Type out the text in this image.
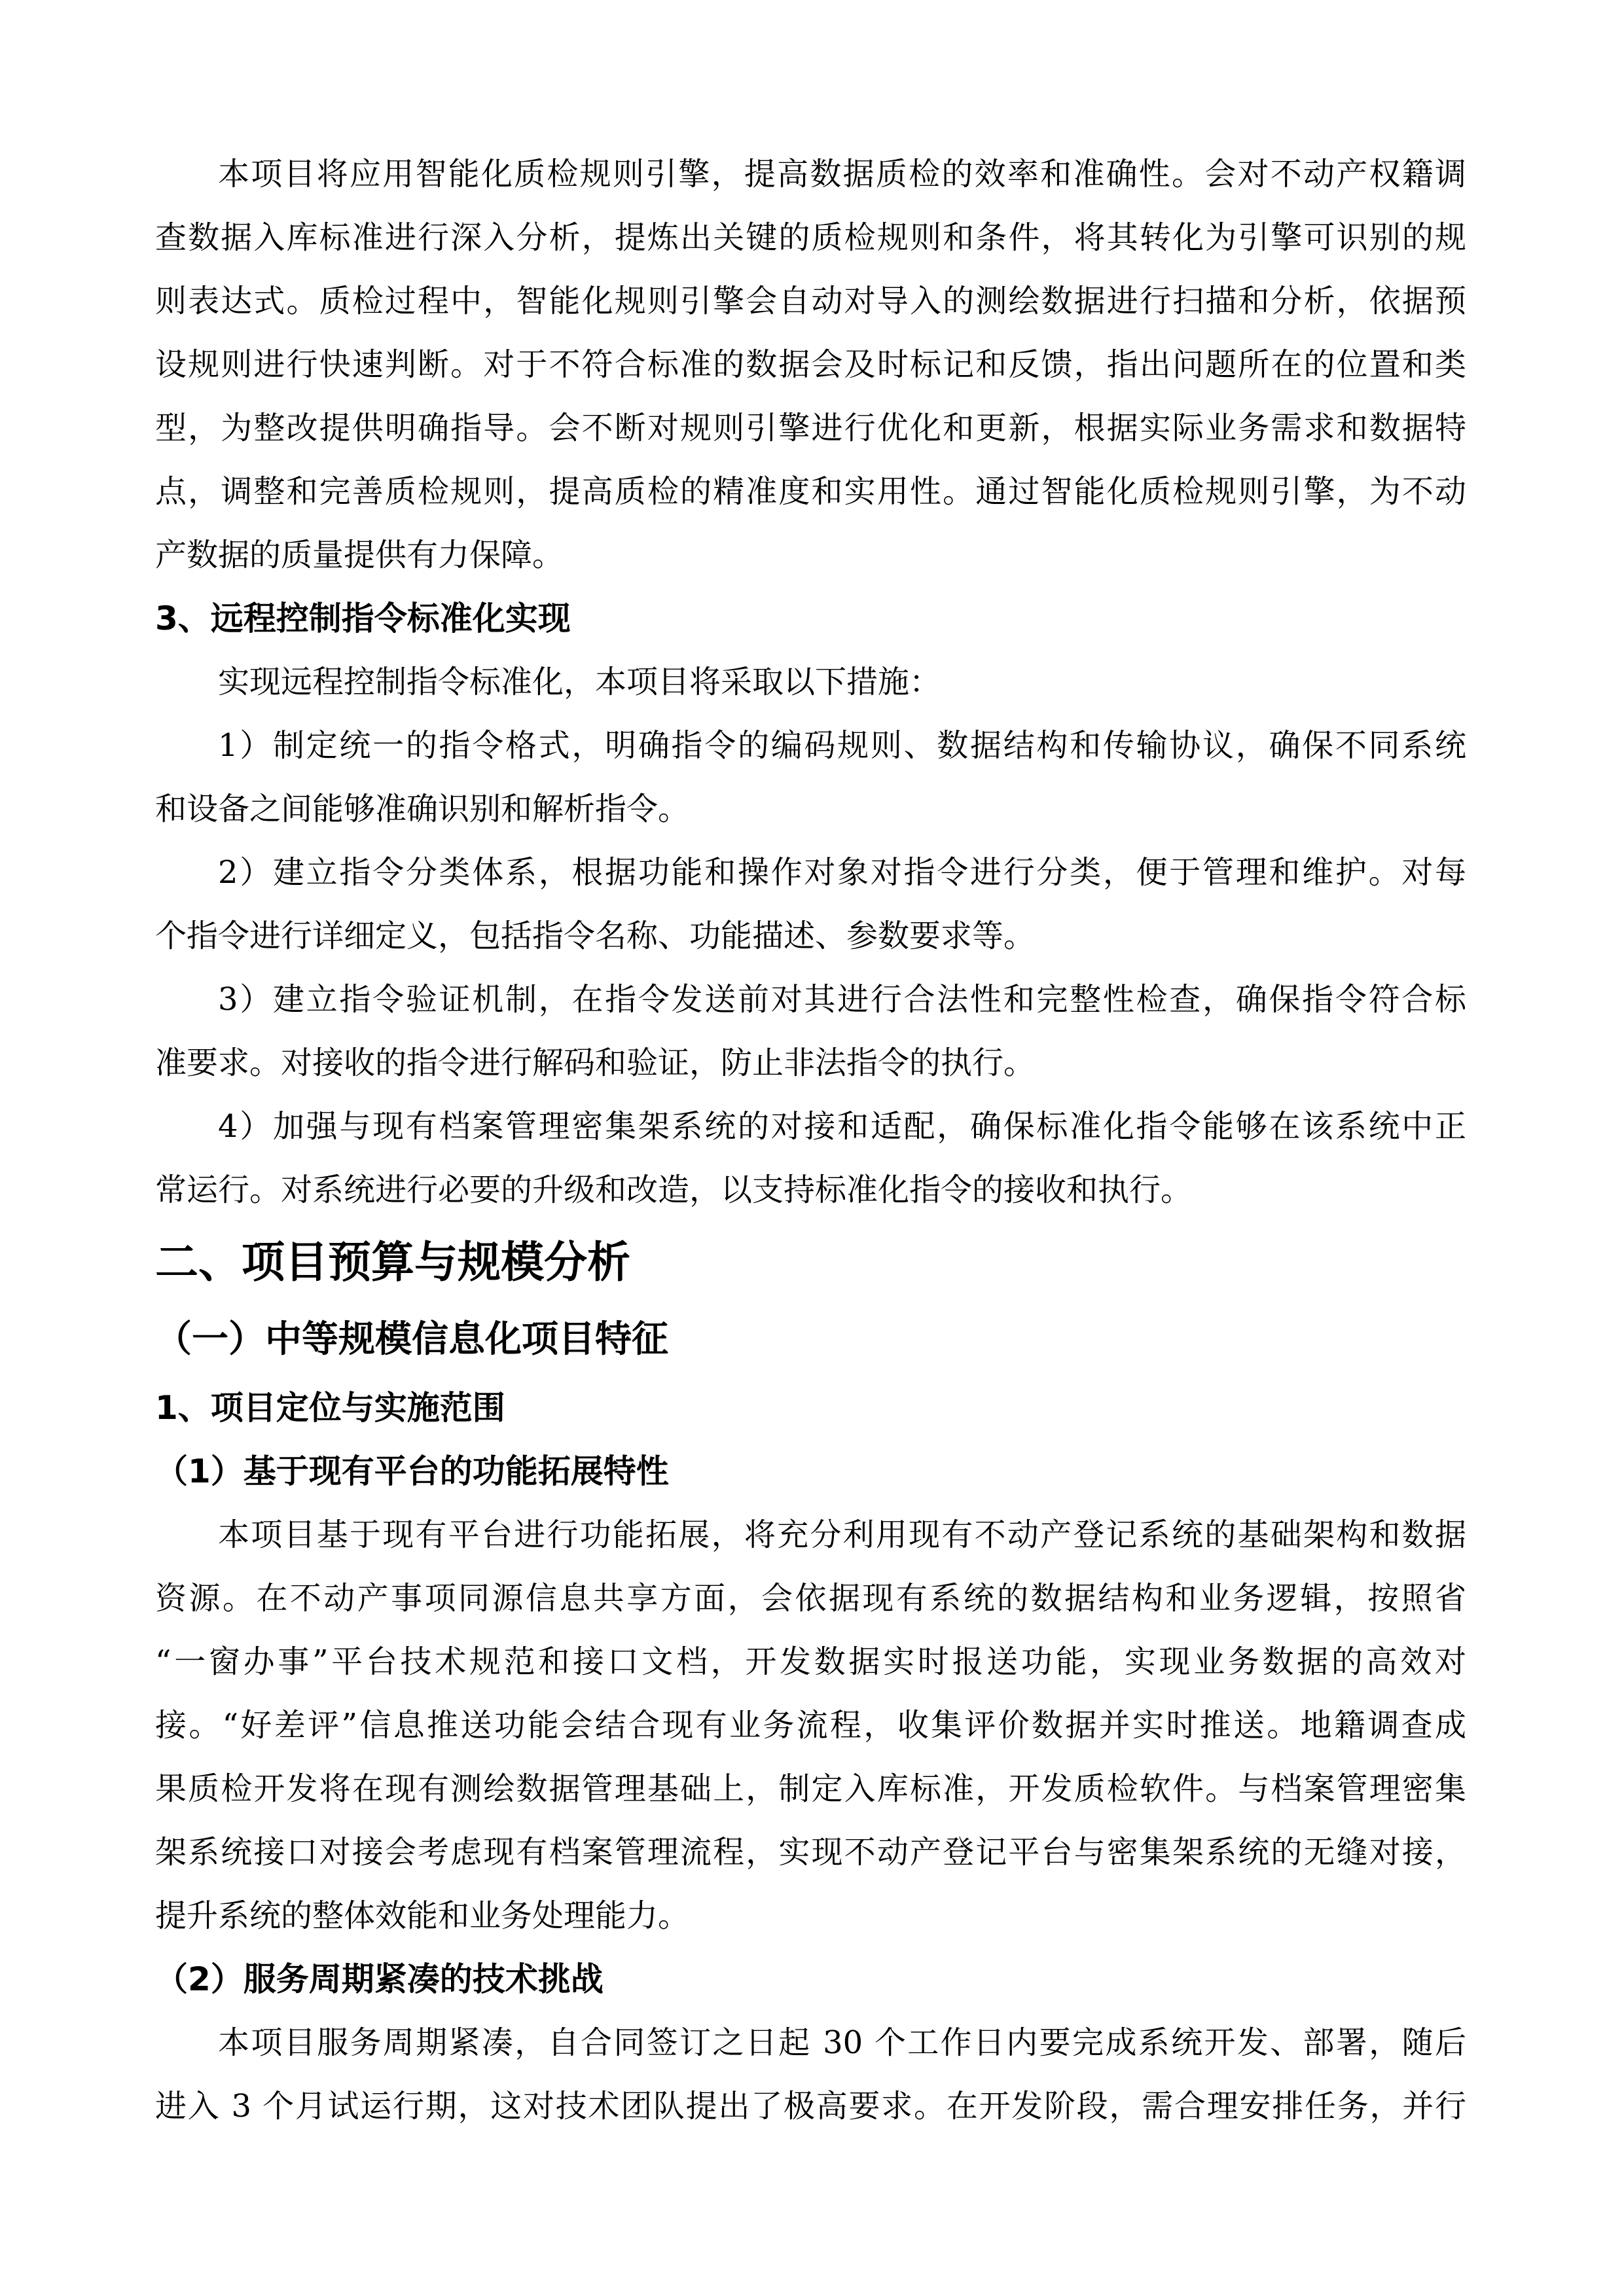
本项目将应用智能化质检规则引擎，提高数据质检的效率和准确性。会对不动产权籍调
查数据入库标准进行深入分析，提炼出关键的质检规则和条件，将其转化为引擎可识别的规
则表达式。质检过程中，智能化规则引擎会自动对导入的测绘数据进行扫描和分析，依据预
设规则进行快速判断。对于不符合标准的数据会及时标记和反馈，指出问题所在的位置和类
型，为整改提供明确指导。会不断对规则引擎进行优化和更新，根据实际业务需求和数据特
点，调整和完善质检规则，提高质检的精准度和实用性。通过智能化质检规则引擎，为不动
产数据的质量提供有力保障。
3、远程控制指令标准化实现
实现远程控制指令标准化，本项目将采取以下措施：
1）制定统一的指令格式，明确指令的编码规则、数据结构和传输协议，确保不同系统
和设备之间能够准确识别和解析指令。
2）建立指令分类体系，根据功能和操作对象对指令进行分类，便于管理和维护。对每
个指令进行详细定义，包括指令名称、功能描述、参数要求等。
3）建立指令验证机制，在指令发送前对其进行合法性和完整性检查，确保指令符合标
准要求。对接收的指令进行解码和验证，防止非法指令的执行。
4）加强与现有档案管理密集架系统的对接和适配，确保标准化指令能够在该系统中正
常运行。对系统进行必要的升级和改造，以支持标准化指令的接收和执行。
二、项目预算与规模分析
（一）中等规模信息化项目特征
1、项目定位与实施范围
（1）基于现有平台的功能拓展特性
本项目基于现有平台进行功能拓展，将充分利用现有不动产登记系统的基础架构和数据
资源。在不动产事项同源信息共享方面，会依据现有系统的数据结构和业务逻辑，按照省
“一窗办事”平台技术规范和接口文档，开发数据实时报送功能，实现业务数据的高效对
接。“好差评”信息推送功能会结合现有业务流程，收集评价数据并实时推送。地籍调查成
果质检开发将在现有测绘数据管理基础上，制定入库标准，开发质检软件。与档案管理密集
架系统接口对接会考虑现有档案管理流程，实现不动产登记平台与密集架系统的无缝对接，
提升系统的整体效能和业务处理能力。
（2）服务周期紧凑的技术挑战
本项目服务周期紧凑，自合同签订之日起 30 个工作日内要完成系统开发、部署，随后
进入 3 个月试运行期，这对技术团队提出了极高要求。在开发阶段，需合理安排任务，并行
